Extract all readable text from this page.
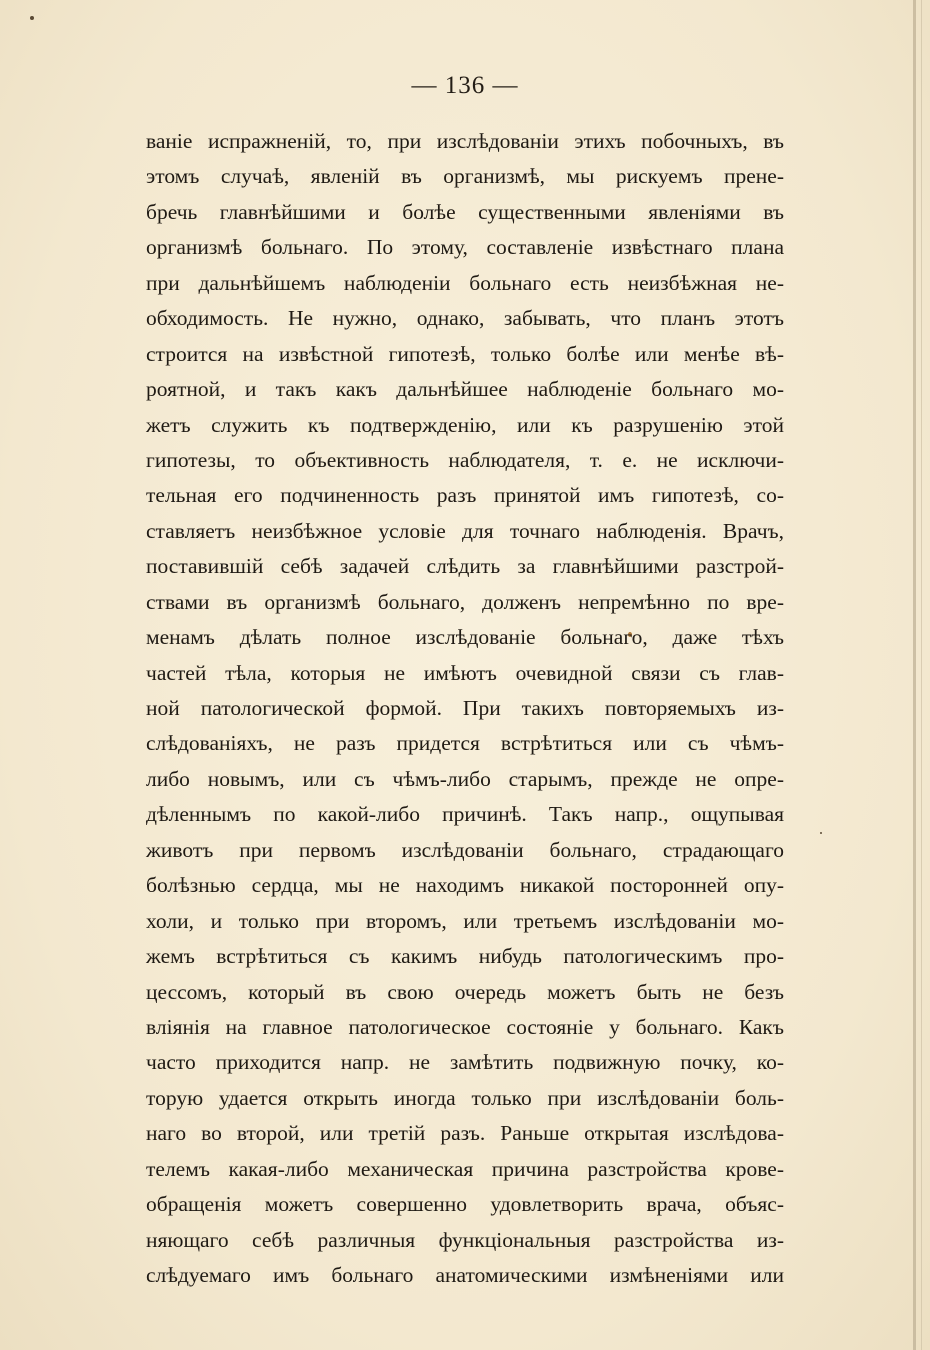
— 136 —
ваніе испражненій, то, при изслѣдованіи этихъ побочныхъ, въ
этомъ случаѣ, явленій въ организмѣ, мы рискуемъ прене-
бречь главнѣйшими и болѣе существенными явленіями въ
организмѣ больнаго. По этому, составленіе извѣстнаго плана
при дальнѣйшемъ наблюденіи больнаго есть неизбѣжная не-
обходимость. Не нужно, однако, забывать, что планъ этотъ
строится на извѣстной гипотезѣ, только болѣе или менѣе вѣ-
роятной, и такъ какъ дальнѣйшее наблюденіе больнаго мо-
жетъ служить къ подтвержденію, или къ разрушенію этой
гипотезы, то объективность наблюдателя, т. е. не исключи-
тельная его подчиненность разъ принятой имъ гипотезѣ, со-
ставляетъ неизбѣжное условіе для точнаго наблюденія. Врачъ,
поставившій себѣ задачей слѣдить за главнѣйшими разстрой-
ствами въ организмѣ больнаго, долженъ непремѣнно по вре-
менамъ дѣлать полное изслѣдованіе больнаго, даже тѣхъ
частей тѣла, которыя не имѣютъ очевидной связи съ глав-
ной патологической формой. При такихъ повторяемыхъ из-
слѣдованіяхъ, не разъ придется встрѣтиться или съ чѣмъ-
либо новымъ, или съ чѣмъ-либо старымъ, прежде не опре-
дѣленнымъ по какой-либо причинѣ. Такъ напр., ощупывая
животъ при первомъ изслѣдованіи больнаго, страдающаго
болѣзнью сердца, мы не находимъ никакой посторонней опу-
холи, и только при второмъ, или третьемъ изслѣдованіи мо-
жемъ встрѣтиться съ какимъ нибудь патологическимъ про-
цессомъ, который въ свою очередь можетъ быть не безъ
вліянія на главное патологическое состояніе у больнаго. Какъ
часто приходится напр. не замѣтить подвижную почку, ко-
торую удается открыть иногда только при изслѣдованіи боль-
наго во второй, или третій разъ. Раньше открытая изслѣдова-
телемъ какая-либо механическая причина разстройства крове-
обращенія можетъ совершенно удовлетворить врача, объяс-
няющаго себѣ различныя функціональныя разстройства из-
слѣдуемаго имъ больнаго анатомическими измѣненіями или
